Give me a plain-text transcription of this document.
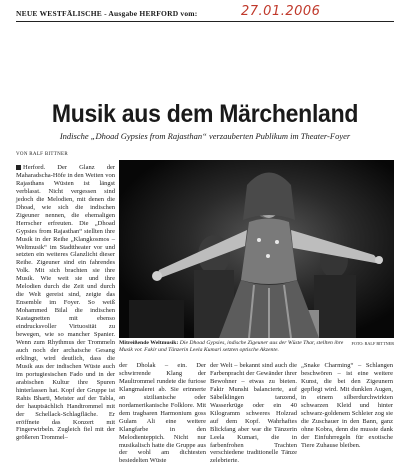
NEUE WESTFÄLISCHE - Ausgabe HERFORD vom:	27.01.2006
Musik aus dem Märchenland
Indische „Dhoad Gypsies from Rajasthan“ verzauberten Publikum im Theater-Foyer
VON RALF BITTNER

Herford. Der Glanz der Maharadscha-Höfe in den Weiten von Rajasthans Wüsten ist längst verblasst. Nicht vergessen sind jedoch die Melodien, mit denen die Dhoad, wie sich die indischen Zigeuner nennen, die ehemaligen Herrscher erfreuten. Die „Dhoad Gypsies from Rajasthan“ stellten ihre Musik in der Reihe „Klangkosmos – Weltmusik“ im Stadttheater vor und setzten ein weiteres Glanzlicht dieser Reihe. Zigeuner sind ein fahrendes Volk. Mit sich brachten sie ihre Musik. Wie weit sie und ihre Melodien durch die Zeit und durch die Welt gereist sind, zeigte das Ensemble im Foyer. So weiß Mohammed Bilal die indischen Kastagnetten mit ebenso eindrucksvoller Virtuosität zu bewegen, wie so mancher Spanier. Wenn zum Rhythmus der Trommeln auch noch der archaische Gesang erklingt, wird deutlich, dass die Musik aus der indischen Wüste auch im portugiesischen Fado und in der arabischen Kultur ihre Spuren hinterlassen hat. Kopf der Gruppe ist Rahis Bharti, Meister auf der Tabla, der hauptsächlich Handtrommel mit der Schellack-Schlagfläche. Er eröffnete das Konzert mit Fingerwirbeln. Zugleich fiel mit der größeren Trommel–

FOTO: RALF BITTNER
Mitreißende Weltmusik: Die Dhoad Gypsies, indische Zigeuner aus der Wüste Thar, stellten ihre Musik vor. Fakir und Tänzerin Leela Kumari setzten optische Akzente.

der Dholak – ein. Der schwirrende Klang der Maultrommel rundete die furiose Klangmalerei ab. Sie erinnerte an sizilianische oder nordamerikanische Folklore. Mit dem tragbaren Harmonium goss Gulam Ali eine weitere Klangfarbe in den Melodienteppich. Nicht nur musikalisch hatte die Gruppe aus der wohl am dichtesten besiedelten Wüste

der Welt – bekannt sind auch die Farbenpracht der Gewänder ihrer Bewohner – etwas zu bieten. Fakir Munshi balancierte, auf Säbelklingen tanzend, Wasserkrüge oder ein 40 Kilogramm schweres Holzrad auf dem Kopf. Wahrhaftes Blickfang aber war die Tänzerin Leela Kumari, die in farbenfrohen Trachten verschiedene traditionelle Tänze zelebrierte.

„Snake Charming“ – Schlangen beschwören – ist eine weitere Kunst, die bei den Zigeunern gepflegt wird. Mit dunklen Augen, in einem silberdurchwirkten schwarzen Kleid und hinter schwarz-goldenem Schleier zog sie die Zuschauer in den Bann, ganz ohne Kobra, denn die musste dank der Einfuhrregeln für exotische Tiere Zuhause bleiben.
